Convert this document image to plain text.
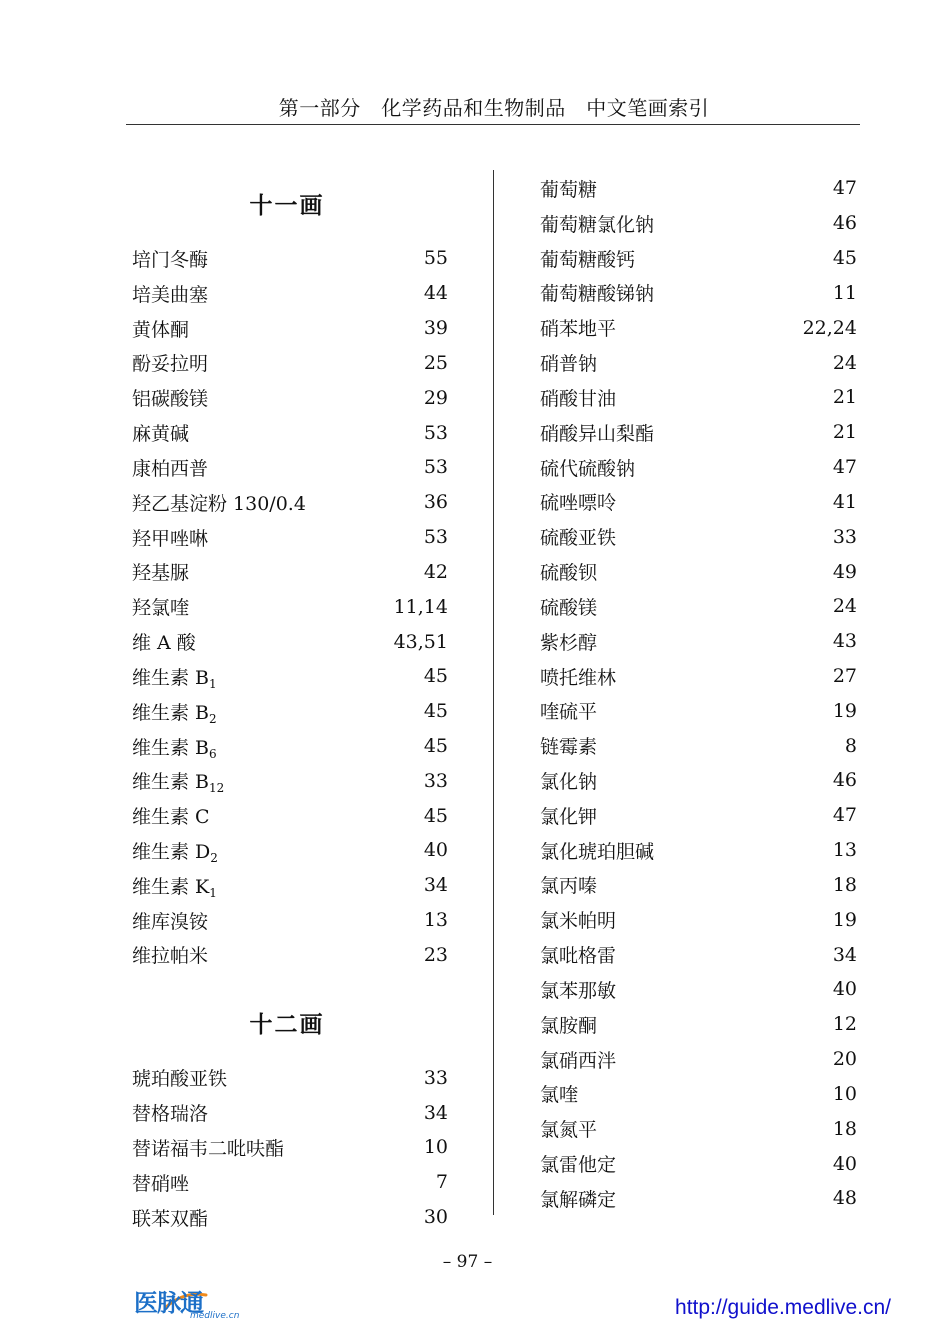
第一部分　化学药品和生物制品　中文笔画索引
十一画
培门冬酶	55
培美曲塞	44
黄体酮	39
酚妥拉明	25
铝碳酸镁	29
麻黄碱	53
康柏西普	53
羟乙基淀粉 130/0.4	36
羟甲唑啉	53
羟基脲	42
羟氯喹	11,14
维 A 酸	43,51
维生素 $B_1$	45
维生素 $B_2$	45
维生素 $B_6$	45
维生素 $B_{12}$	33
维生素 C	45
维生素 $D_2$	40
维生素 $K_1$	34
维库溴铵	13
维拉帕米	23
十二画
琥珀酸亚铁	33
替格瑞洛	34
替诺福韦二吡呋酯	10
替硝唑	7
联苯双酯	30
葡萄糖	47
葡萄糖氯化钠	46
葡萄糖酸钙	45
葡萄糖酸锑钠	11
硝苯地平	22,24
硝普钠	24
硝酸甘油	21
硝酸异山梨酯	21
硫代硫酸钠	47
硫唑嘌呤	41
硫酸亚铁	33
硫酸钡	49
硫酸镁	24
紫杉醇	43
喷托维林	27
喹硫平	19
链霉素	8
氯化钠	46
氯化钾	47
氯化琥珀胆碱	13
氯丙嗪	18
氯米帕明	19
氯吡格雷	34
氯苯那敏	40
氯胺酮	12
氯硝西泮	20
氯喹	10
氯氮平	18
氯雷他定	40
氯解磷定	48
– 97 –
医脉通
medlive.cn	http://guide.medlive.cn/
